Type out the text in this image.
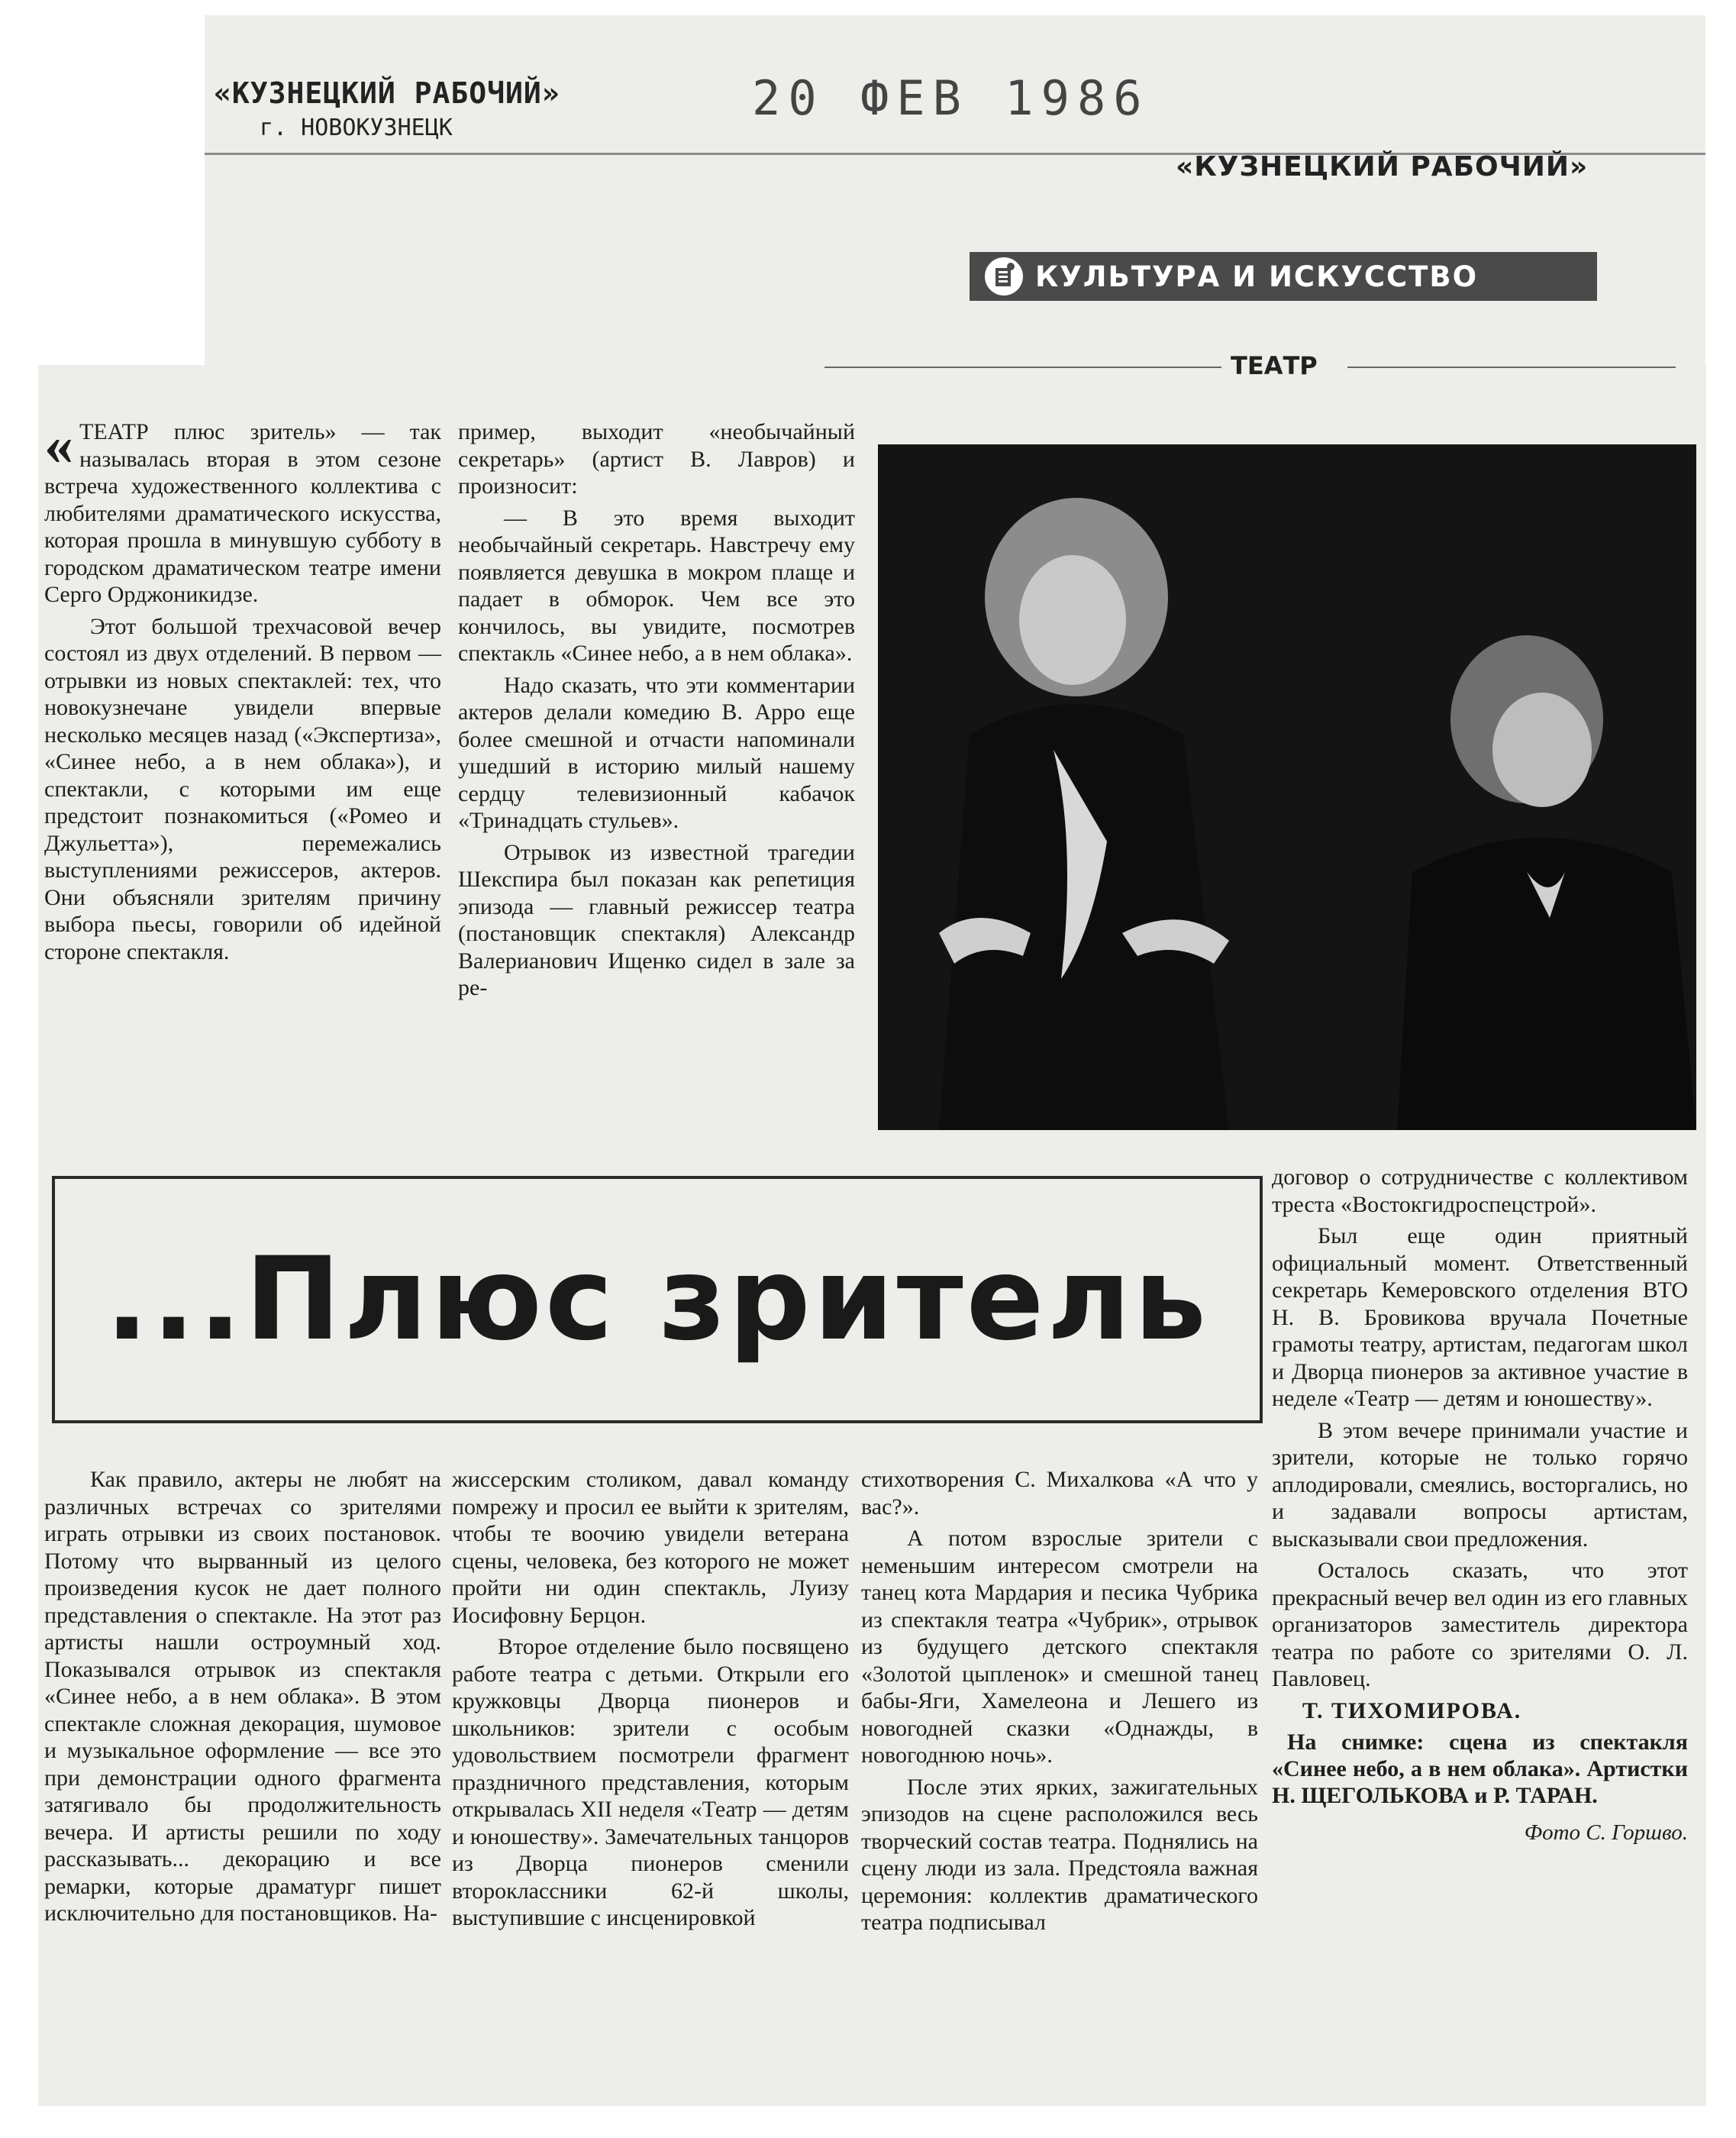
«КУЗНЕЦКИЙ РАБОЧИЙ»
г. НОВОКУЗНЕЦК
20 ФЕВ 1986
«КУЗНЕЦКИЙ РАБОЧИЙ»
КУЛЬТУРА И ИСКУССТВО
ТЕАТР

« ТЕАТР плюс зритель» — так называлась вторая в этом сезоне встреча художественного коллектива с любителями драматического искусства, которая прошла в минувшую субботу в городском драматическом театре имени Серго Орджоникидзе.

Этот большой трехчасовой вечер состоял из двух отделений. В первом — отрывки из новых спектаклей: тех, что новокузнечане увидели впервые несколько месяцев назад («Экспертиза», «Синее небо, а в нем облака»), и спектакли, с которыми им еще предстоит познакомиться («Ромео и Джульетта»), перемежались выступлениями режиссеров, актеров. Они объясняли зрителям причину выбора пьесы, говорили об идейной стороне спектакля.

пример, выходит «необычайный секретарь» (артист В. Лавров) и произносит:

— В это время выходит необычайный секретарь. Навстречу ему появляется девушка в мокром плаще и падает в обморок. Чем все это кончилось, вы увидите, посмотрев спектакль «Синее небо, а в нем облака».

Надо сказать, что эти комментарии актеров делали комедию В. Арро еще более смешной и отчасти напоминали ушедший в историю милый нашему сердцу телевизионный кабачок «Тринадцать стульев».

Отрывок из известной трагедии Шекспира был показан как репетиция эпизода — главный режиссер театра (постановщик спектакля) Александр Валерианович Ищенко сидел в зале за ре-

...Плюс зритель

договор о сотрудничестве с коллективом треста «Востокгидроспецстрой».

Был еще один приятный официальный момент. Ответственный секретарь Кемеровского отделения ВТО Н. В. Бровикова вручала Почетные грамоты театру, артистам, педагогам школ и Дворца пионеров за активное участие в неделе «Театр — детям и юношеству».

В этом вечере принимали участие и зрители, которые не только горячо аплодировали, смеялись, восторгались, но и задавали вопросы артистам, высказывали свои предложения.

Осталось сказать, что этот прекрасный вечер вел один из его главных организаторов заместитель директора театра по работе со зрителями О. Л. Павловец.

Т. ТИХОМИРОВА.

На снимке: сцена из спектакля «Синее небо, а в нем облака». Артистки Н. ЩЕГОЛЬКОВА и Р. ТАРАН.

Фото С. Горшво.

Как правило, актеры не любят на различных встречах со зрителями играть отрывки из своих постановок. Потому что вырванный из целого произведения кусок не дает полного представления о спектакле. На этот раз артисты нашли остроумный ход. Показывался отрывок из спектакля «Синее небо, а в нем облака». В этом спектакле сложная декорация, шумовое и музыкальное оформление — все это при демонстрации одного фрагмента затягивало бы продолжительность вечера. И артисты решили по ходу рассказывать... декорацию и все ремарки, которые драматург пишет исключительно для постановщиков. На-

жиссерским столиком, давал команду помрежу и просил ее выйти к зрителям, чтобы те воочию увидели ветерана сцены, человека, без которого не может пройти ни один спектакль, Луизу Иосифовну Берцон.

Второе отделение было посвящено работе театра с детьми. Открыли его кружковцы Дворца пионеров и школьников: зрители с особым удовольствием посмотрели фрагмент праздничного представления, которым открывалась XII неделя «Театр — детям и юношеству». Замечательных танцоров из Дворца пионеров сменили второклассники 62-й школы, выступившие с инсценировкой

стихотворения С. Михалкова «А что у вас?».

А потом взрослые зрители с неменьшим интересом смотрели на танец кота Мардария и песика Чубрика из спектакля театра «Чубрик», отрывок из будущего детского спектакля «Золотой цыпленок» и смешной танец бабы-Яги, Хамелеона и Лешего из новогодней сказки «Однажды, в новогоднюю ночь».

После этих ярких, зажигательных эпизодов на сцене расположился весь творческий состав театра. Поднялись на сцену люди из зала. Предстояла важная церемония: коллектив драматического театра подписывал
